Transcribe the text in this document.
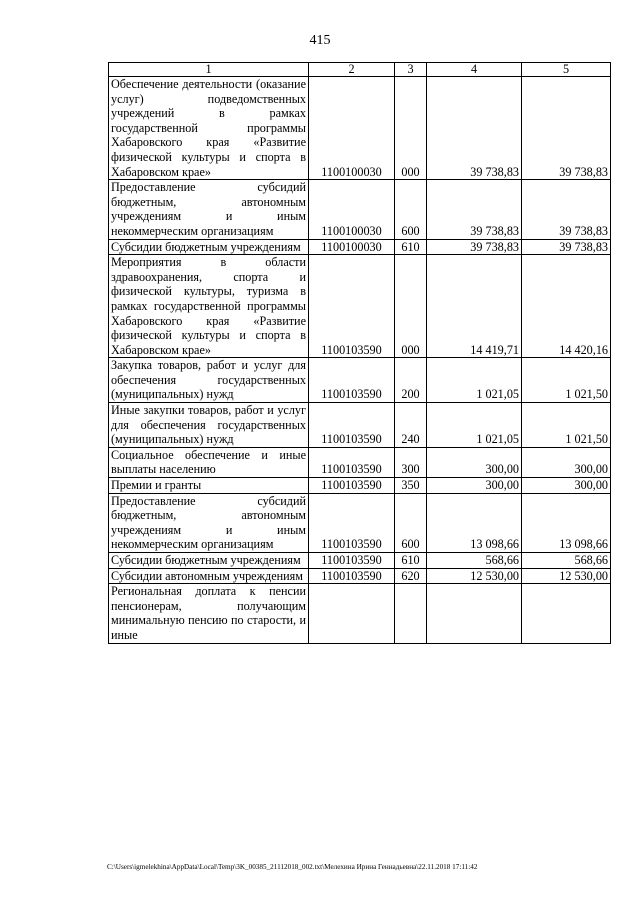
415
1	2	3	4	5

Обеспечение деятельности (оказание услуг) подведомственных учреждений в рамках государственной программы Хабаровского края «Развитие физической культуры и спорта в Хабаровском крае»	1100100030	000	39 738,83	39 738,83

Предоставление субсидий бюджетным, автономным учреждениям и иным некоммерческим организациям	1100100030	600	39 738,83	39 738,83

Субсидии бюджетным учреждениям	1100100030	610	39 738,83	39 738,83

Мероприятия в области здравоохранения, спорта и физической культуры, туризма в рамках государственной программы Хабаровского края «Развитие физической культуры и спорта в Хабаровском крае»	1100103590	000	14 419,71	14 420,16

Закупка товаров, работ и услуг для обеспечения государственных (муниципальных) нужд	1100103590	200	1 021,05	1 021,50

Иные закупки товаров, работ и услуг для обеспечения государственных (муниципальных) нужд	1100103590	240	1 021,05	1 021,50

Социальное обеспечение и иные выплаты населению	1100103590	300	300,00	300,00

Премии и гранты	1100103590	350	300,00	300,00

Предоставление субсидий бюджетным, автономным учреждениям и иным некоммерческим организациям	1100103590	600	13 098,66	13 098,66

Субсидии бюджетным учреждениям	1100103590	610	568,66	568,66

Субсидии автономным учреждениям	1100103590	620	12 530,00	12 530,00

Региональная доплата к пенсии пенсионерам, получающим минимальную пенсию по старости, и иные				

C:\Users\igmelekhina\AppData\Local\Temp\3K_00385_21112018_002.txt\Мелехина Ирина Геннадьевна\22.11.2018 17:11:42
